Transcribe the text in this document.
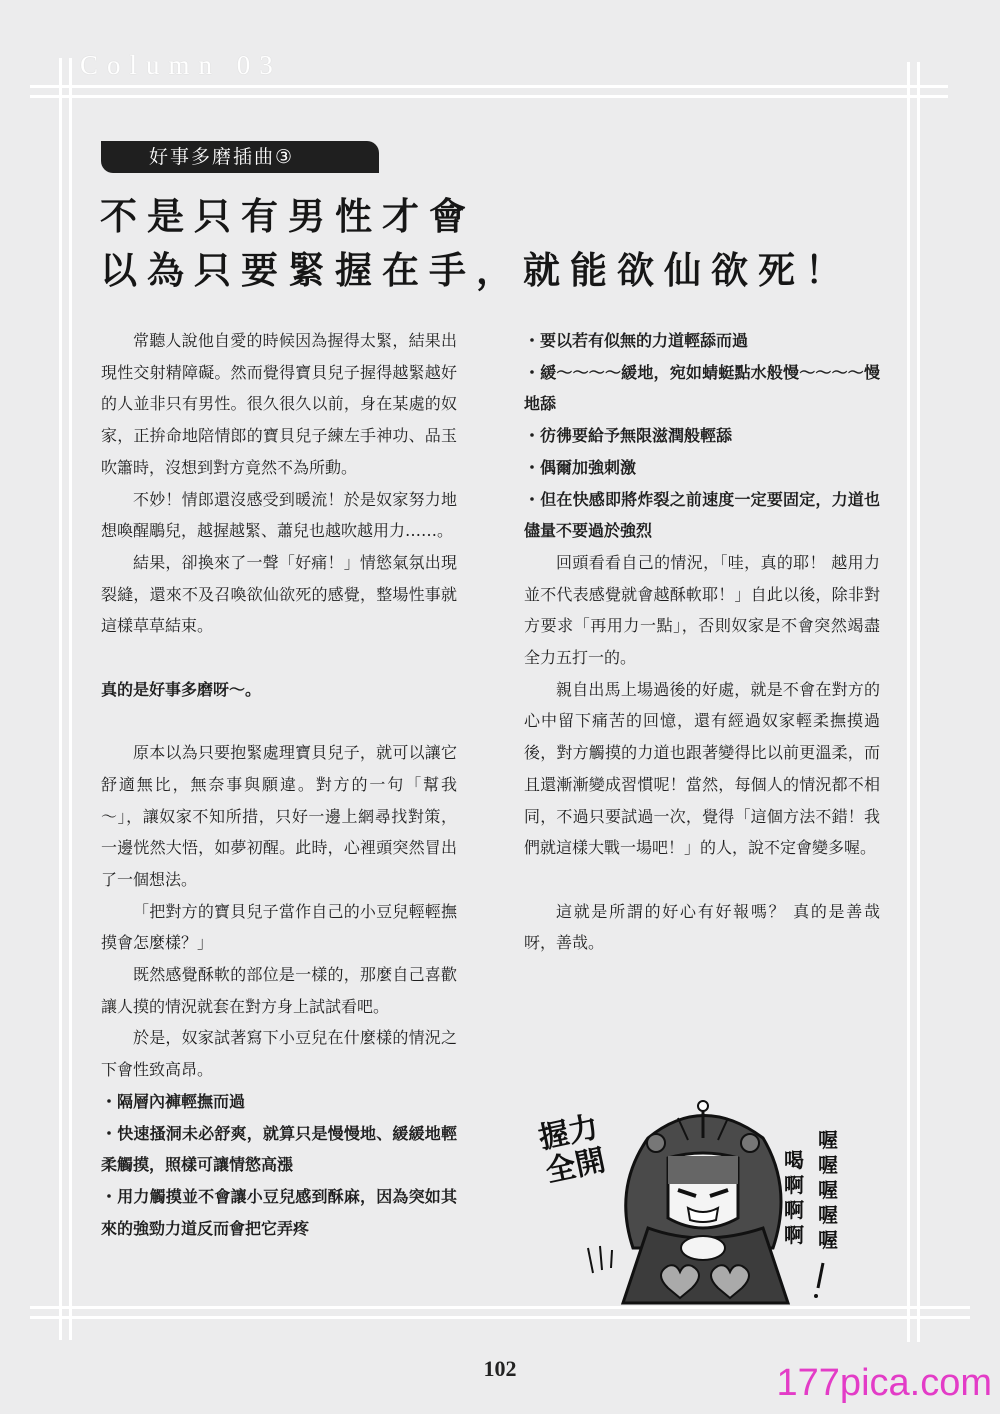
Column 03
好事多磨插曲③
不是只有男性才會
以為只要緊握在手，就能欲仙欲死！

常聽人說他自愛的時候因為握得太緊，結果出現性交射精障礙。然而覺得寶貝兒子握得越緊越好的人並非只有男性。很久很久以前，身在某處的奴家，正拚命地陪情郎的寶貝兒子練左手神功、品玉吹簫時，沒想到對方竟然不為所動。

不妙！情郎還沒感受到暖流！於是奴家努力地想喚醒鵰兒，越握越緊、蕭兒也越吹越用力……。

結果，卻換來了一聲「好痛！」情慾氣氛出現裂縫，還來不及召喚欲仙欲死的感覺，整場性事就這樣草草結束。

真的是好事多磨呀～。

原本以為只要抱緊處理寶貝兒子，就可以讓它舒適無比，無奈事與願違。對方的一句「幫我～」，讓奴家不知所措，只好一邊上網尋找對策，一邊恍然大悟，如夢初醒。此時，心裡頭突然冒出了一個想法。

「把對方的寶貝兒子當作自己的小豆兒輕輕撫摸會怎麼樣？」

既然感覺酥軟的部位是一樣的，那麼自己喜歡讓人摸的情況就套在對方身上試試看吧。

於是，奴家試著寫下小豆兒在什麼樣的情況之下會性致高昂。

・隔層內褲輕撫而過

・快速搔洞未必舒爽，就算只是慢慢地、緩緩地輕柔觸摸，照樣可讓情慾高漲

・用力觸摸並不會讓小豆兒感到酥麻，因為突如其來的強勁力道反而會把它弄疼

・要以若有似無的力道輕舔而過

・緩～～～～緩地，宛如蜻蜓點水般慢～～～～慢地舔

・彷彿要給予無限滋潤般輕舔

・偶爾加強刺激

・但在快感即將炸裂之前速度一定要固定，力道也儘量不要過於強烈

回頭看看自己的情況，「哇，真的耶！ 越用力並不代表感覺就會越酥軟耶！」自此以後，除非對方要求「再用力一點」，否則奴家是不會突然竭盡全力五打一的。

親自出馬上場過後的好處，就是不會在對方的心中留下痛苦的回憶，還有經過奴家輕柔撫摸過後，對方觸摸的力道也跟著變得比以前更溫柔，而且還漸漸變成習慣呢！當然，每個人的情況都不相同，不過只要試過一次，覺得「這個方法不錯！我們就這樣大戰一場吧！」的人，說不定會變多喔。

這就是所謂的好心有好報嗎？ 真的是善哉呀，善哉。

握力全開
喔喔喔喔喔
喝啊啊啊
102	177pica.com
